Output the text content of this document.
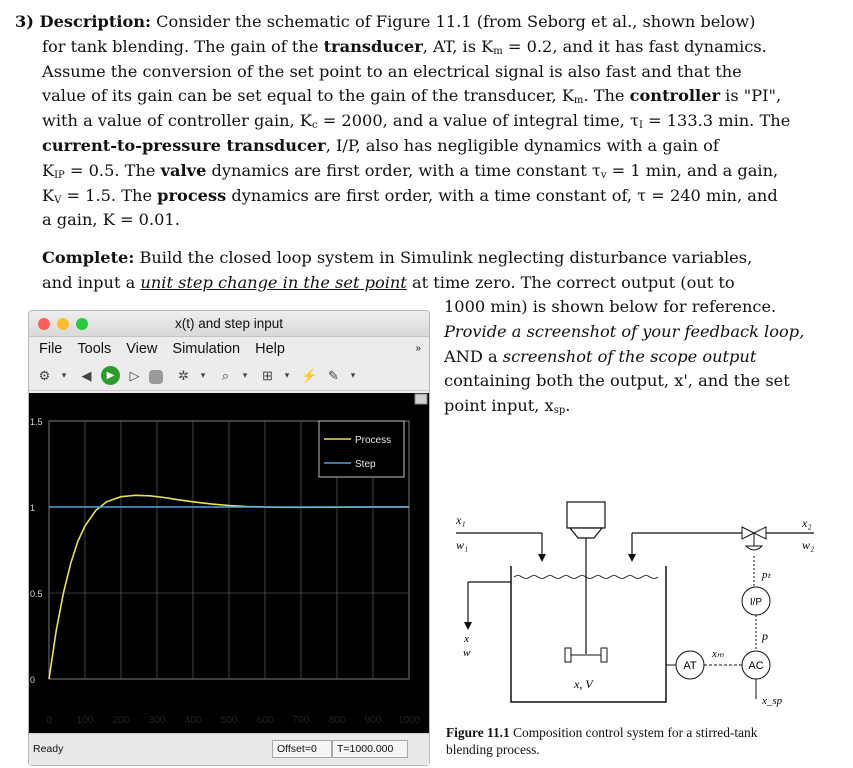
3) Description: Consider the schematic of Figure 11.1 (from Seborg et al., shown below)
for tank blending. The gain of the transducer, AT, is $K_m = 0.2$, and it has fast dynamics.
Assume the conversion of the set point to an electrical signal is also fast and that the
value of its gain can be set equal to the gain of the transducer, $K_m$. The controller is "PI",
with a value of controller gain, $K_c = 2000$, and a value of integral time, $\tau_I = 133.3$ min. The
current-to-pressure transducer, I/P, also has negligible dynamics with a gain of
$K_{IP} = 0.5$. The valve dynamics are first order, with a time constant $\tau_v = 1$ min, and a gain,
$K_V = 1.5$. The process dynamics are first order, with a time constant of, τ = 240 min, and
a gain, K = 0.01.
Complete: Build the closed loop system in Simulink neglecting disturbance variables,
and input a unit step change in the set point at time zero. The correct output (out to
1000 min) is shown below for reference.
Provide a screenshot of your feedback loop,
AND a screenshot of the scope output
containing both the output, x', and the set
point input, $x_{sp}$.
x(t) and step input
File Tools View Simulation Help	»
⚙	▾	◀	▶	▷	✲	▾	⌕	▾	⊞	▾ ⚡ ✎	▾
0 100 200 300 400 500 600 700 800 900 1000
0
0.5
1
1.5
Process
Step
Ready	Offset=0	T=1000.000
x₁
w₁
x, V
x₂
w₂
pₜ
I/P
p
AC
AT
xₘ
x_sp
x
w
Figure 11.1 Composition control system for a stirred-tank
blending process.
